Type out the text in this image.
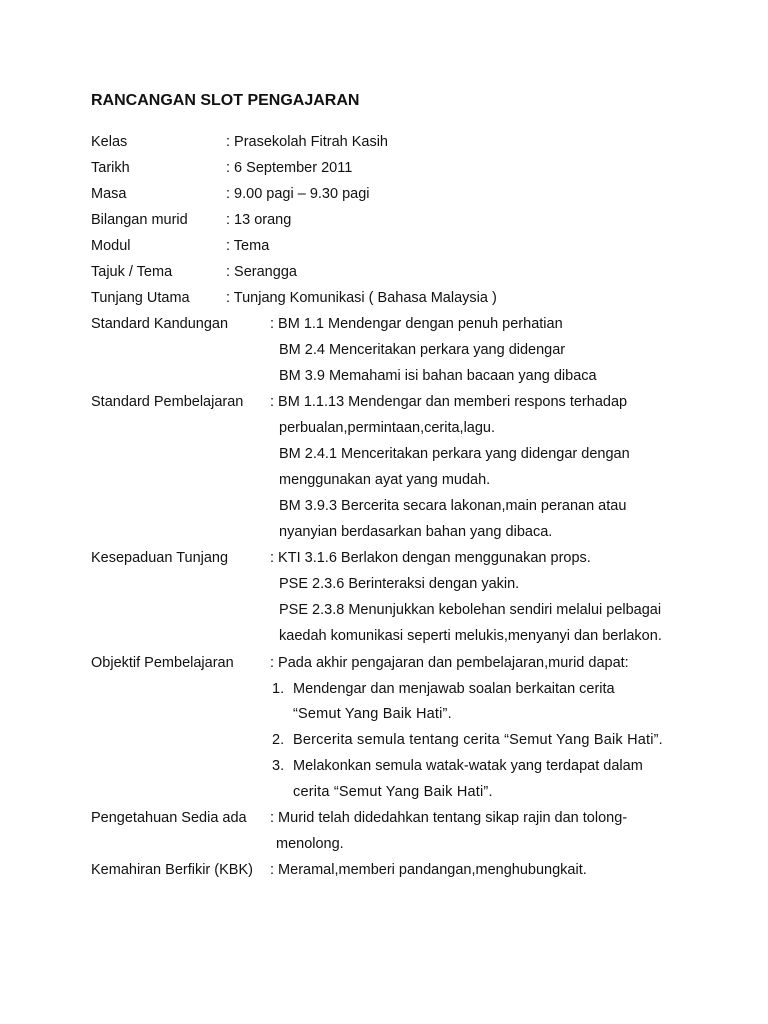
RANCANGAN SLOT PENGAJARAN
Kelas	: Prasekolah Fitrah Kasih
Tarikh	: 6 September 2011
Masa	: 9.00 pagi – 9.30 pagi
Bilangan murid	: 13 orang
Modul	: Tema
Tajuk / Tema	: Serangga
Tunjang Utama	: Tunjang Komunikasi ( Bahasa Malaysia )
Standard Kandungan	: BM 1.1 Mendengar dengan penuh perhatian
BM 2.4 Menceritakan perkara yang didengar
BM 3.9 Memahami isi bahan bacaan yang dibaca
Standard Pembelajaran : BM 1.1.13 Mendengar dan memberi respons terhadap
perbualan,permintaan,cerita,lagu.
BM 2.4.1 Menceritakan perkara yang didengar dengan
menggunakan ayat yang mudah.
BM 3.9.3 Bercerita secara lakonan,main peranan atau
nyanyian berdasarkan bahan yang dibaca.
Kesepaduan Tunjang	: KTI 3.1.6 Berlakon dengan menggunakan props.
PSE 2.3.6 Berinteraksi dengan yakin.
PSE 2.3.8 Menunjukkan kebolehan sendiri melalui pelbagai
kaedah komunikasi seperti melukis,menyanyi dan berlakon.
Objektif Pembelajaran	: Pada akhir pengajaran dan pembelajaran,murid dapat:
1. Mendengar dan menjawab soalan berkaitan cerita
“Semut Yang Baik Hati”.
2. Bercerita semula tentang cerita “Semut Yang Baik Hati”.
3. Melakonkan semula watak-watak yang terdapat dalam
cerita “Semut Yang Baik Hati”.
Pengetahuan Sedia ada : Murid telah didedahkan tentang sikap rajin dan tolong-
menolong.
Kemahiran Berfikir (KBK) : Meramal,memberi pandangan,menghubungkait.
